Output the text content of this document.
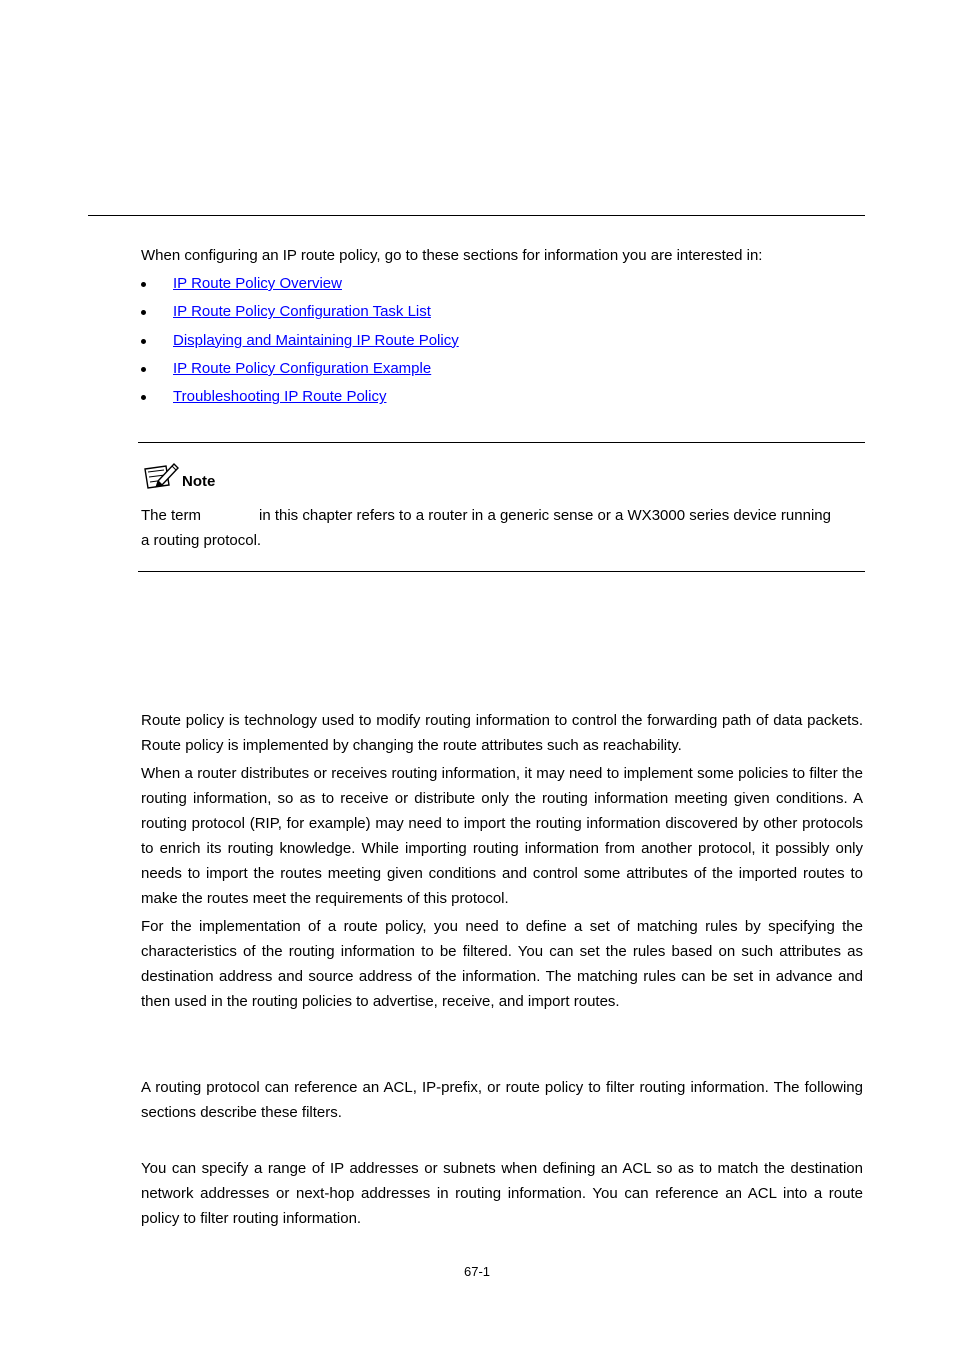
When configuring an IP route policy, go to these sections for information you are interested in:
IP Route Policy Overview
IP Route Policy Configuration Task List
Displaying and Maintaining IP Route Policy
IP Route Policy Configuration Example
Troubleshooting IP Route Policy
Note
The term	in this chapter refers to a router in a generic sense or a WX3000 series device running
a routing protocol.

Route policy is technology used to modify routing information to control the forwarding path of data packets. Route policy is implemented by changing the route attributes such as reachability.

When a router distributes or receives routing information, it may need to implement some policies to filter the routing information, so as to receive or distribute only the routing information meeting given conditions. A routing protocol (RIP, for example) may need to import the routing information discovered by other protocols to enrich its routing knowledge. While importing routing information from another protocol, it possibly only needs to import the routes meeting given conditions and control some attributes of the imported routes to make the routes meet the requirements of this protocol.

For the implementation of a route policy, you need to define a set of matching rules by specifying the characteristics of the routing information to be filtered. You can set the rules based on such attributes as destination address and source address of the information. The matching rules can be set in advance and then used in the routing policies to advertise, receive, and import routes.

A routing protocol can reference an ACL, IP-prefix, or route policy to filter routing information. The following sections describe these filters.

You can specify a range of IP addresses or subnets when defining an ACL so as to match the destination network addresses or next-hop addresses in routing information. You can reference an ACL into a route policy to filter routing information.

67-1
